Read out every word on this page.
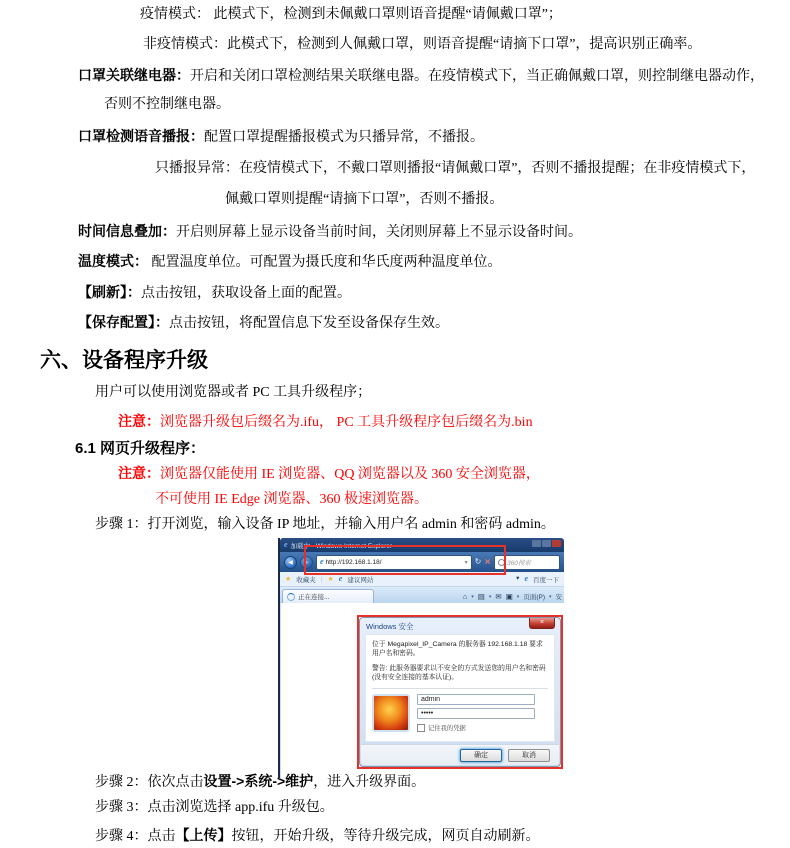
疫情模式： 此模式下，检测到未佩戴口罩则语音提醒“请佩戴口罩”；
非疫情模式：此模式下，检测到人佩戴口罩，则语音提醒“请摘下口罩”，提高识别正确率。
口罩关联继电器：开启和关闭口罩检测结果关联继电器。在疫情模式下，当正确佩戴口罩，则控制继电器动作，
否则不控制继电器。
口罩检测语音播报：配置口罩提醒播报模式为只播异常，不播报。
只播报异常：在疫情模式下，不戴口罩则播报“请佩戴口罩”，否则不播报提醒；在非疫情模式下，
佩戴口罩则提醒“请摘下口罩”，否则不播报。
时间信息叠加：开启则屏幕上显示设备当前时间，关闭则屏幕上不显示设备时间。
温度模式： 配置温度单位。可配置为摄氏度和华氏度两种温度单位。
【刷新】：点击按钮，获取设备上面的配置。
【保存配置】：点击按钮，将配置信息下发至设备保存生效。
六、设备程序升级
用户可以使用浏览器或者 PC 工具升级程序；
注意：浏览器升级包后缀名为.ifu， PC 工具升级程序包后缀名为.bin
6.1 网页升级程序：
注意：浏览器仅能使用 IE 浏览器、QQ 浏览器以及 360 安全浏览器，
不可使用 IE Edge 浏览器、360 极速浏览器。
步骤 1：打开浏览，输入设备 IP 地址，并输入用户名 admin 和密码 admin。
e 加载中 - Windows Internet Explorer
◀	▶	e http://192.168.1.18/	▾ ↻ × 360搜索
★ 收藏夹 | ★ e 建议网站	▾ e 百度一下
正在连接...	⌂ ▾ ▤ ▾ ✉ ▣ ▾ 页面(P) ▾ 安
Windows 安全	×
位于 Megapixel_IP_Camera 的服务器 192.168.1.18 要求用户名和密码。
警告: 此服务器要求以不安全的方式发送您的用户名和密码(没有安全连接的基本认证)。
admin
•••••
记住我的凭据
确定	取消
步骤 2：依次点击设置->系统->维护，进入升级界面。
步骤 3：点击浏览选择 app.ifu 升级包。
步骤 4：点击【上传】按钮，开始升级，等待升级完成，网页自动刷新。
